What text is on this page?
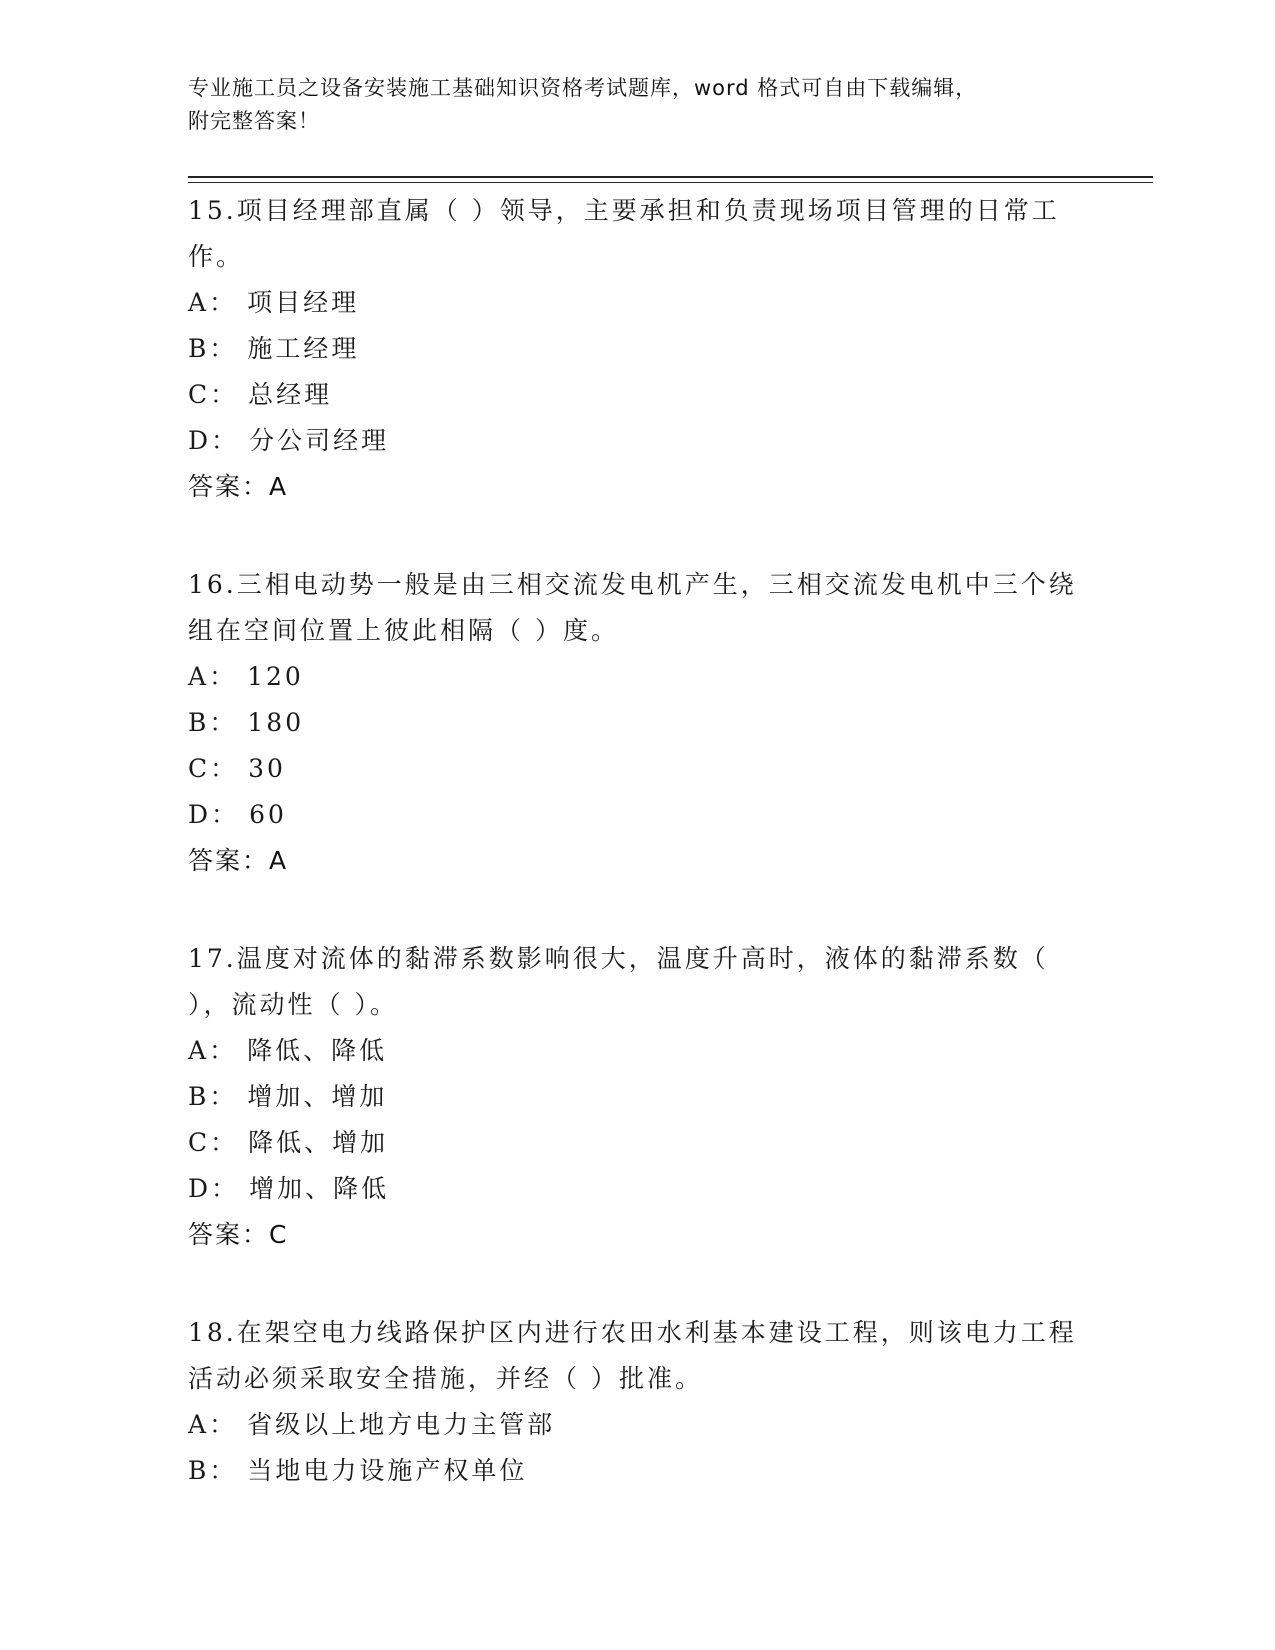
专业施工员之设备安装施工基础知识资格考试题库，word 格式可自由下载编辑，
附完整答案！

15.项目经理部直属（ ）领导，主要承担和负责现场项目管理的日常工作。

A： 项目经理

B： 施工经理

C： 总经理

D： 分公司经理

答案：A

16.三相电动势一般是由三相交流发电机产生，三相交流发电机中三个绕组在空间位置上彼此相隔（ ）度。

A： 120

B： 180

C： 30

D： 60

答案：A

17.温度对流体的黏滞系数影响很大，温度升高时，液体的黏滞系数（ ），流动性（ ）。

A： 降低、降低

B： 增加、增加

C： 降低、增加

D： 增加、降低

答案：C

18.在架空电力线路保护区内进行农田水利基本建设工程，则该电力工程活动必须采取安全措施，并经（ ）批准。

A： 省级以上地方电力主管部

B： 当地电力设施产权单位
